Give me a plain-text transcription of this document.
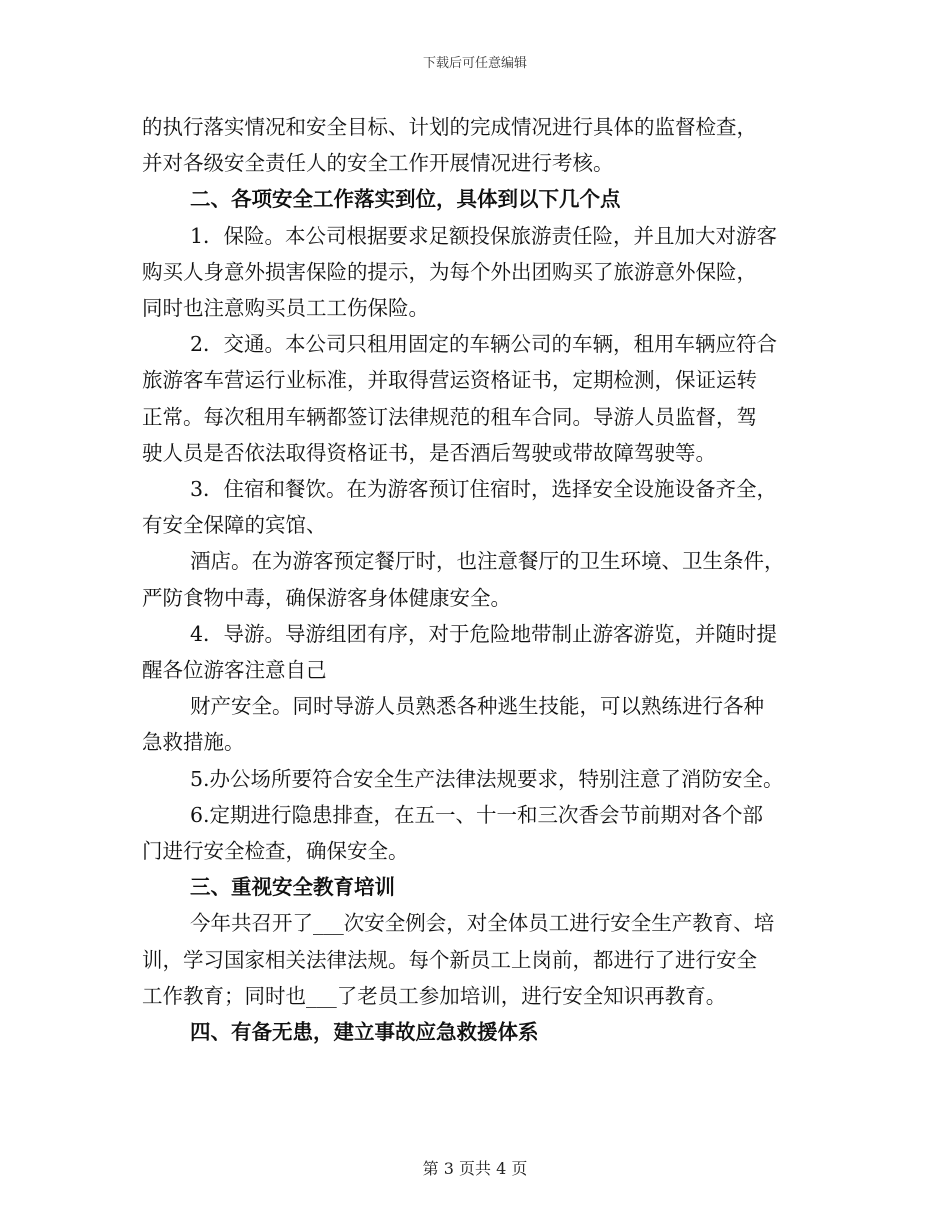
下载后可任意编辑
的执行落实情况和安全目标、计划的完成情况进行具体的监督检查，
并对各级安全责任人的安全工作开展情况进行考核。
二、各项安全工作落实到位，具体到以下几个点
1．保险。本公司根据要求足额投保旅游责任险，并且加大对游客
购买人身意外损害保险的提示，为每个外出团购买了旅游意外保险，
同时也注意购买员工工伤保险。
2．交通。本公司只租用固定的车辆公司的车辆，租用车辆应符合
旅游客车营运行业标准，并取得营运资格证书，定期检测，保证运转
正常。每次租用车辆都签订法律规范的租车合同。导游人员监督，驾
驶人员是否依法取得资格证书，是否酒后驾驶或带故障驾驶等。
3．住宿和餐饮。在为游客预订住宿时，选择安全设施设备齐全，
有安全保障的宾馆、
酒店。在为游客预定餐厅时，也注意餐厅的卫生环境、卫生条件，
严防食物中毒，确保游客身体健康安全。
4．导游。导游组团有序，对于危险地带制止游客游览，并随时提
醒各位游客注意自己
财产安全。同时导游人员熟悉各种逃生技能，可以熟练进行各种
急救措施。
5.办公场所要符合安全生产法律法规要求，特别注意了消防安全。
6.定期进行隐患排查，在五一、十一和三次香会节前期对各个部
门进行安全检查，确保安全。
三、重视安全教育培训
今年共召开了___次安全例会，对全体员工进行安全生产教育、培
训，学习国家相关法律法规。每个新员工上岗前，都进行了进行安全
工作教育；同时也___了老员工参加培训，进行安全知识再教育。
四、有备无患，建立事故应急救援体系
第 3 页共 4 页
